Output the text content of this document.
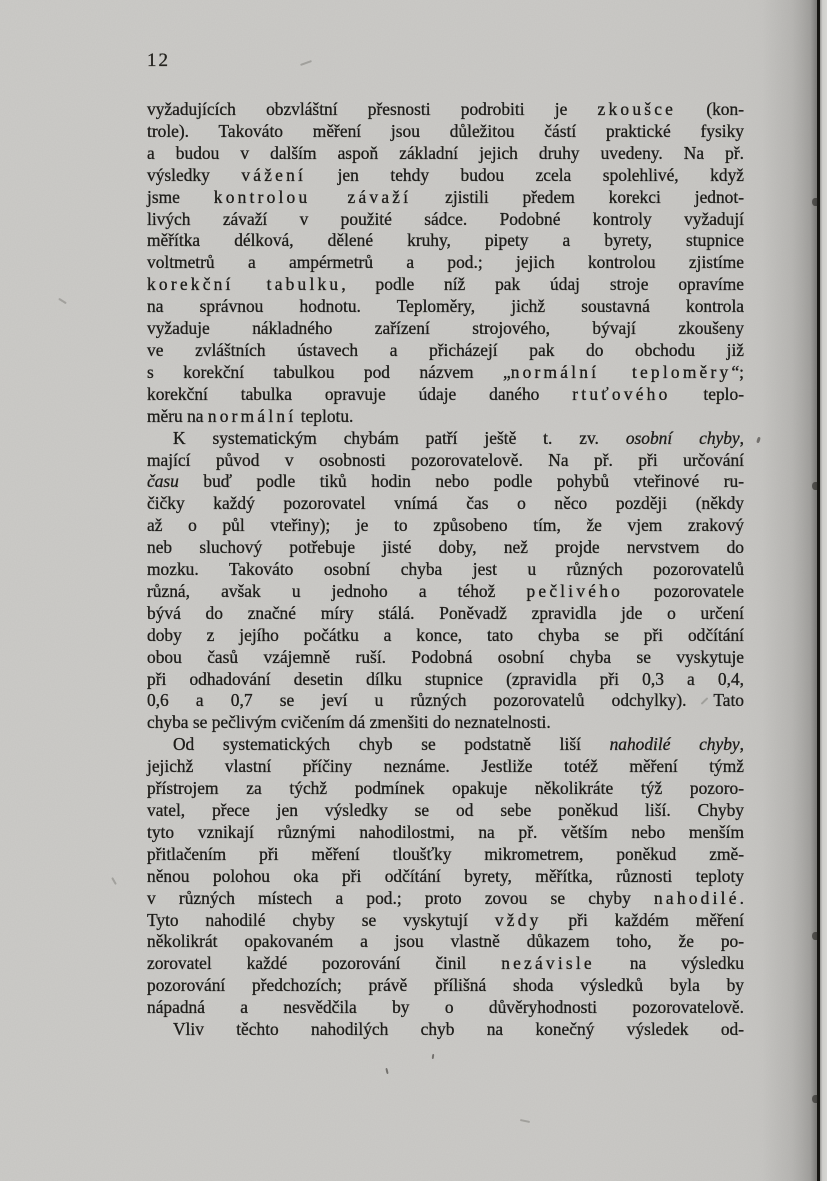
12
vyžadujících obzvláštní přesnosti podrobiti je zkoušce (kon-
trole). Takováto měření jsou důležitou částí praktické fysiky
a budou v dalším aspoň základní jejich druhy uvedeny. Na př.
výsledky vážení jen tehdy budou zcela spolehlivé, když
jsme kontrolou závaží zjistili předem korekci jednot-
livých závaží v použité sádce. Podobné kontroly vyžadují
měřítka délková, dělené kruhy, pipety a byrety, stupnice
voltmetrů a ampérmetrů a pod.; jejich kontrolou zjistíme
korekční tabulku, podle níž pak údaj stroje opravíme
na správnou hodnotu. Teploměry, jichž soustavná kontrola
vyžaduje nákladného zařízení strojového, bývají zkoušeny
ve zvláštních ústavech a přicházejí pak do obchodu již
s korekční tabulkou pod názvem „normální teploměry“;
korekční tabulka opravuje údaje daného rtuťového teplo-
měru na normální teplotu.
K systematickým chybám patří ještě t. zv. osobní chyby,
mající původ v osobnosti pozorovatelově. Na př. při určování
času buď podle tiků hodin nebo podle pohybů vteřinové ru-
čičky každý pozorovatel vnímá čas o něco později (někdy
až o půl vteřiny); je to způsobeno tím, že vjem zrakový
neb sluchový potřebuje jisté doby, než projde nervstvem do
mozku. Takováto osobní chyba jest u různých pozorovatelů
různá, avšak u jednoho a téhož pečlivého pozorovatele
bývá do značné míry stálá. Poněvadž zpravidla jde o určení
doby z jejího počátku a konce, tato chyba se při odčítání
obou časů vzájemně ruší. Podobná osobní chyba se vyskytuje
při odhadování desetin dílku stupnice (zpravidla při 0,3 a 0,4,
0,6 a 0,7 se jeví u různých pozorovatelů odchylky). Tato
chyba se pečlivým cvičením dá zmenšiti do neznatelnosti.
Od systematických chyb se podstatně liší nahodilé chyby,
jejichž vlastní příčiny neznáme. Jestliže totéž měření týmž
přístrojem za týchž podmínek opakuje několikráte týž pozoro-
vatel, přece jen výsledky se od sebe poněkud liší. Chyby
tyto vznikají různými nahodilostmi, na př. větším nebo menším
přitlačením při měření tloušťky mikrometrem, poněkud změ-
něnou polohou oka při odčítání byrety, měřítka, různosti teploty
v různých místech a pod.; proto zovou se chyby nahodilé.
Tyto nahodilé chyby se vyskytují vždy při každém měření
několikrát opakovaném a jsou vlastně důkazem toho, že po-
zorovatel každé pozorování činil nezávisle na výsledku
pozorování předchozích; právě přílišná shoda výsledků byla by
nápadná a nesvědčila by o důvěryhodnosti pozorovatelově.
Vliv těchto nahodilých chyb na konečný výsledek od-
